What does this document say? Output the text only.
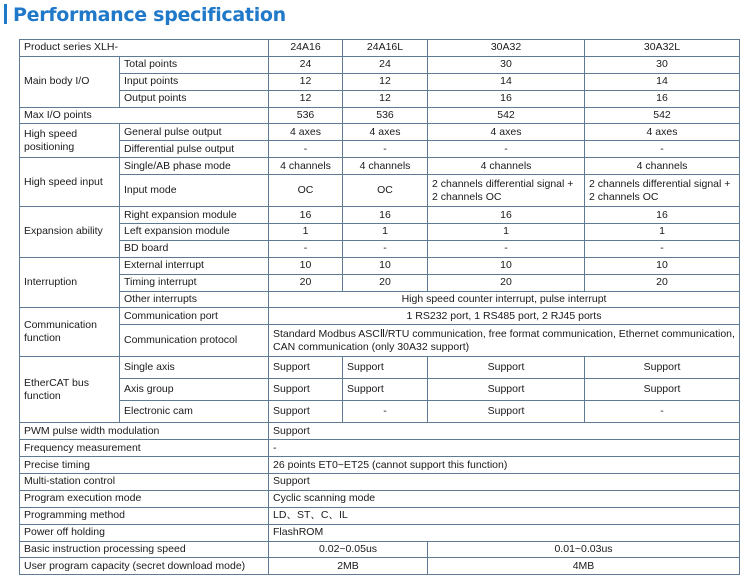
Performance specification
Product series XLH-		24A16	24A16L	30A32	30A32L
Main body I/O	Total points	24	24	30	30
	Input points	12	12	14	14
	Output points	12	12	16	16
Max I/O points		536	536	542	542
High speed positioning	General pulse output	4 axes	4 axes	4 axes	4 axes
	Differential pulse output	-	-	-	-
High speed input	Single/AB phase mode	4 channels	4 channels	4 channels	4 channels
	Input mode	OC	OC	2 channels differential signal + 2 channels OC	2 channels differential signal + 2 channels OC
Expansion ability	Right expansion module	16	16	16	16
	Left expansion module	1	1	1	1
	BD board	-	-	-	-
Interruption	External interrupt	10	10	10	10
	Timing interrupt	20	20	20	20
	Other interrupts	High speed counter interrupt, pulse interrupt			
Communication function	Communication port	1 RS232 port, 1 RS485 port, 2 RJ45 ports			
	Communication protocol	Standard Modbus ASCⅡ/RTU communication, free format communication, Ethernet communication, CAN communication (only 30A32 support)			
EtherCAT bus function	Single axis	Support	Support	Support	Support
	Axis group	Support	Support	Support	Support
	Electronic cam	Support	-	Support	-
PWM pulse width modulation		Support			
Frequency measurement		-			
Precise timing		26 points ET0~ET25 (cannot support this function)			
Multi-station control		Support			
Program execution mode		Cyclic scanning mode			
Programming method		LD、ST、C、IL			
Power off holding		FlashROM			
Basic instruction processing speed		0.02~0.05us		0.01~0.03us	
User program capacity (secret download mode)		2MB		4MB	
